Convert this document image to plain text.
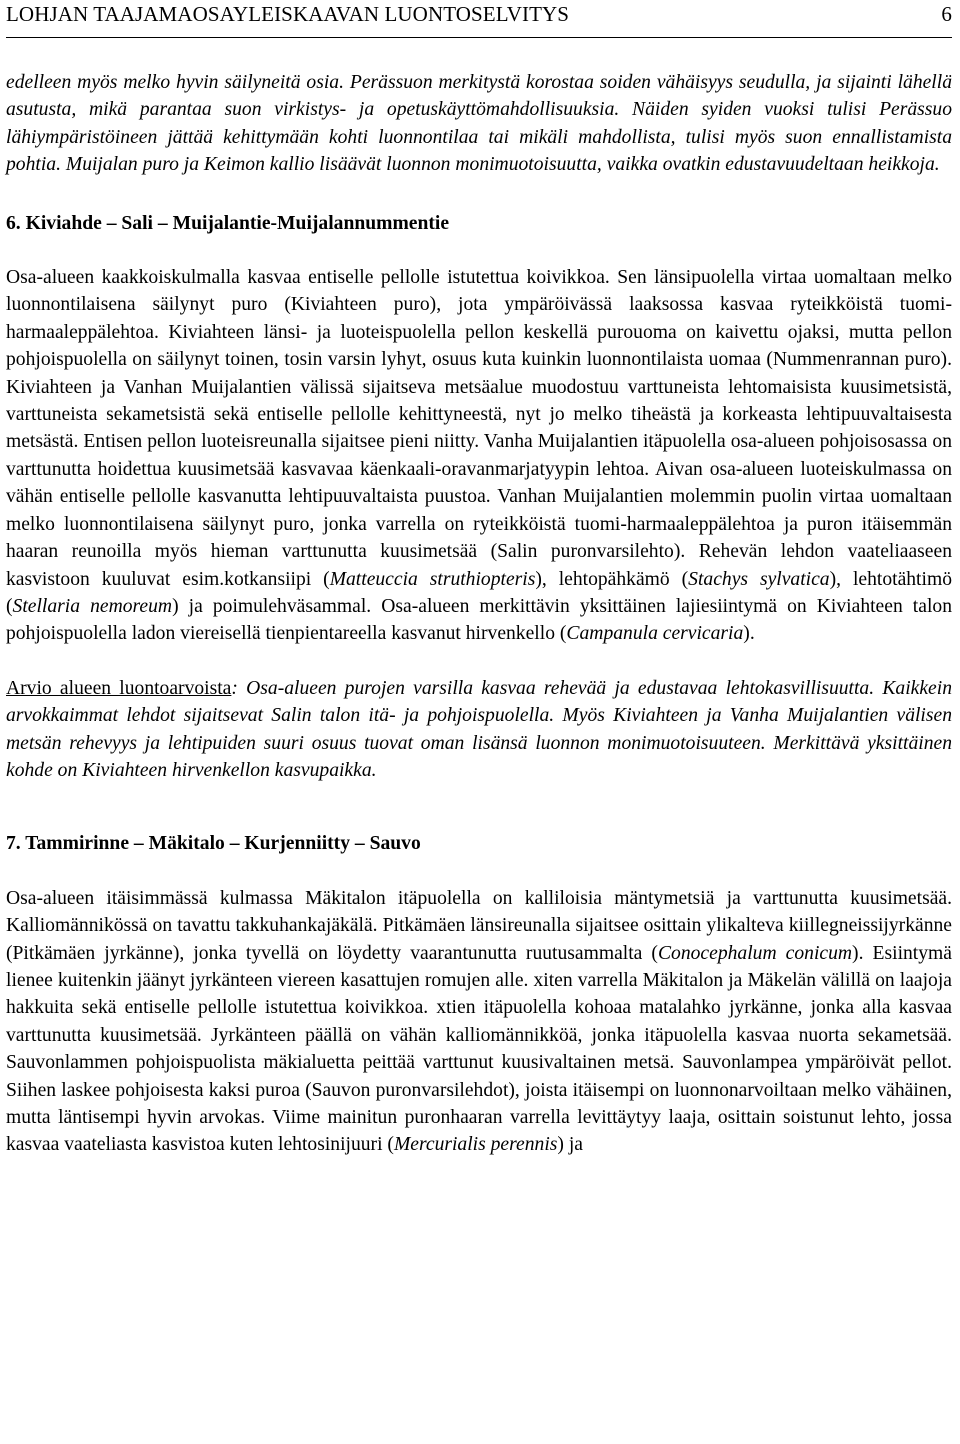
LOHJAN TAAJAMAOSAYLEISKAAVAN LUONTOSELVITYS	6

edelleen myös melko hyvin säilyneitä osia. Perässuon merkitystä korostaa soiden vähäisyys seudulla, ja sijainti lähellä asutusta, mikä parantaa suon virkistys- ja opetuskäyttömahdollisuuksia. Näiden syiden vuoksi tulisi Perässuo lähiympäristöineen jättää kehittymään kohti luonnontilaa tai mikäli mahdollista, tulisi myös suon ennallistamista pohtia. Muijalan puro ja Keimon kallio lisäävät luonnon monimuotoisuutta, vaikka ovatkin edustavuudeltaan heikkoja.

6. Kiviahde – Sali – Muijalantie-Muijalannummentie

Osa-alueen kaakkoiskulmalla kasvaa entiselle pellolle istutettua koivikkoa. Sen länsipuolella virtaa uomaltaan melko luonnontilaisena säilynyt puro (Kiviahteen puro), jota ympäröivässä laaksossa kasvaa ryteikköistä tuomi-harmaaleppälehtoa. Kiviahteen länsi- ja luoteispuolella pellon keskellä purouoma on kaivettu ojaksi, mutta pellon pohjoispuolella on säilynyt toinen, tosin varsin lyhyt, osuus kuta kuinkin luonnontilaista uomaa (Nummenrannan puro). Kiviahteen ja Vanhan Muijalantien välissä sijaitseva metsäalue muodostuu varttuneista lehtomaisista kuusimetsistä, varttuneista sekametsistä sekä entiselle pellolle kehittyneestä, nyt jo melko tiheästä ja korkeasta lehtipuuvaltaisesta metsästä. Entisen pellon luoteisreunalla sijaitsee pieni niitty. Vanha Muijalantien itäpuolella osa-alueen pohjoisosassa on varttunutta hoidettua kuusimetsää kasvavaa käenkaali-oravanmarjatyypin lehtoa. Aivan osa-alueen luoteiskulmassa on vähän entiselle pellolle kasvanutta lehtipuuvaltaista puustoa. Vanhan Muijalantien molemmin puolin virtaa uomaltaan melko luonnontilaisena säilynyt puro, jonka varrella on ryteikköistä tuomi-harmaaleppälehtoa ja puron itäisemmän haaran reunoilla myös hieman varttunutta kuusimetsää (Salin puronvarsilehto). Rehevän lehdon vaateliaaseen kasvistoon kuuluvat esim.kotkansiipi (Matteuccia struthiopteris), lehtopähkämö (Stachys sylvatica), lehtotähtimö (Stellaria nemoreum) ja poimulehväsammal. Osa-alueen merkittävin yksittäinen lajiesiintymä on Kiviahteen talon pohjoispuolella ladon viereisellä tienpientareella kasvanut hirvenkello (Campanula cervicaria).

Arvio alueen luontoarvoista: Osa-alueen purojen varsilla kasvaa rehevää ja edustavaa lehtokasvillisuutta. Kaikkein arvokkaimmat lehdot sijaitsevat Salin talon itä- ja pohjoispuolella. Myös Kiviahteen ja Vanha Muijalantien välisen metsän rehevyys ja lehtipuiden suuri osuus tuovat oman lisänsä luonnon monimuotoisuuteen. Merkittävä yksittäinen kohde on Kiviahteen hirvenkellon kasvupaikka.

7. Tammirinne – Mäkitalo – Kurjenniitty – Sauvo

Osa-alueen itäisimmässä kulmassa Mäkitalon itäpuolella on kalliloisia mäntymetsiä ja varttunutta kuusimetsää. Kalliomännikössä on tavattu takkuhankajäkälä. Pitkämäen länsireunalla sijaitsee osittain ylikalteva kiillegneissijyrkänne (Pitkämäen jyrkänne), jonka tyvellä on löydetty vaarantunutta ruutusammalta (Conocephalum conicum). Esiintymä lienee kuitenkin jäänyt jyrkänteen viereen kasattujen romujen alle. xiten varrella Mäkitalon ja Mäkelän välillä on laajoja hakkuita sekä entiselle pellolle istutettua koivikkoa. xtien itäpuolella kohoaa matalahko jyrkänne, jonka alla kasvaa varttunutta kuusimetsää. Jyrkänteen päällä on vähän kalliomännikköä, jonka itäpuolella kasvaa nuorta sekametsää. Sauvonlammen pohjoispuolista mäkialuetta peittää varttunut kuusivaltainen metsä. Sauvonlampea ympäröivät pellot. Siihen laskee pohjoisesta kaksi puroa (Sauvon puronvarsilehdot), joista itäisempi on luonnonarvoiltaan melko vähäinen, mutta läntisempi hyvin arvokas. Viime mainitun puronhaaran varrella levittäytyy laaja, osittain soistunut lehto, jossa kasvaa vaateliasta kasvistoa kuten lehtosinijuuri (Mercurialis perennis) ja
